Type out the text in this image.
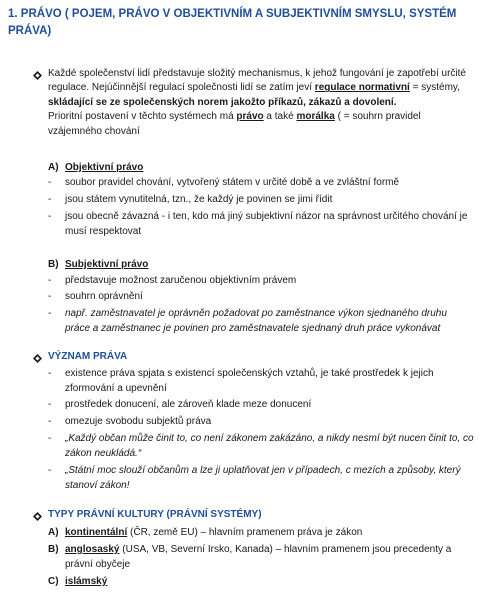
1. PRÁVO ( POJEM, PRÁVO V OBJEKTIVNÍM A SUBJEKTIVNÍM SMYSLU, SYSTÉM
PRÁVA)
Každé společenství lidí představuje složitý mechanismus, k jehož fungování je zapotřebí určité
regulace. Nejúčinnější regulací společnosti lidí se zatím jeví regulace normativní = systémy,
skládající se ze společenských norem jakožto příkazů, zákazů a dovolení.
Prioritní postavení v těchto systémech má právo a také morálka ( = souhrn pravidel
vzájemného chování
A) Objektivní právo
-	soubor pravidel chování, vytvořený státem v určité době a ve zvláštní formě
-	jsou státem vynutitelná, tzn., že každý je povinen se jimi řídit
-	jsou obecně závazná - i ten, kdo má jiný subjektivní názor na správnost určitého chování je
musí respektovat
B) Subjektivní právo
-	představuje možnost zaručenou objektivním právem
-	souhrn oprávnění
-	např. zaměstnavatel je oprávněn požadovat po zaměstnance výkon sjednaného druhu
práce a zaměstnanec je povinen pro zaměstnavatele sjednaný druh práce vykonávat
VÝZNAM PRÁVA
-	existence práva spjata s existencí společenských vztahů, je také prostředek k jejich
zformování a upevnění
-	prostředek donucení, ale zároveň klade meze donucení
-	omezuje svobodu subjektů práva
-	„Každý občan může činit to, co není zákonem zakázáno, a nikdy nesmí být nucen činit to, co
zákon neukládá.“
-	„Státní moc slouží občanům a lze ji uplatňovat jen v případech, c mezích a způsoby, který
stanoví zákon!
TYPY PRÁVNÍ KULTURY (PRÁVNÍ SYSTÉMY)
A) kontinentální (ČR, země EU) – hlavním pramenem práva je zákon
B) anglosaský (USA, VB, Severní Irsko, Kanada) – hlavním pramenem jsou precedenty a
právní obyčeje
C) islámský
